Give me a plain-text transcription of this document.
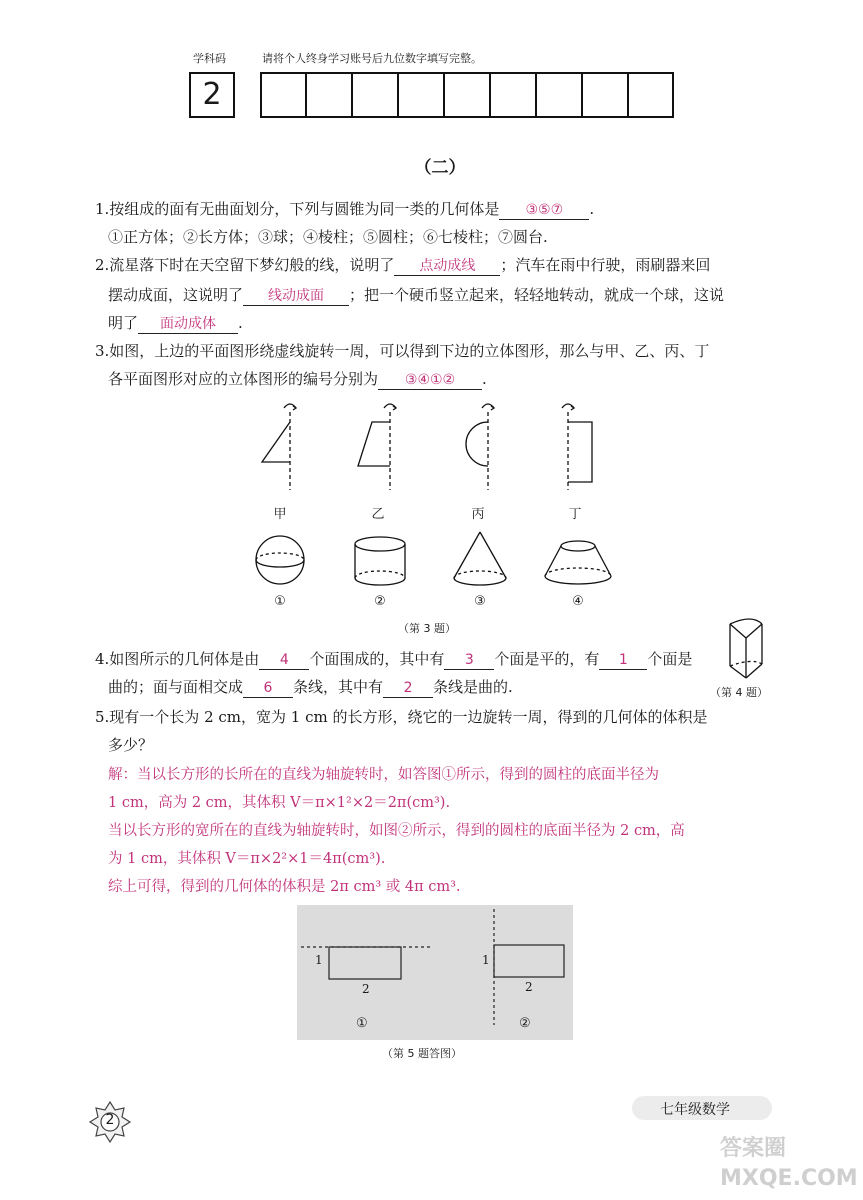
学科码	请将个人终身学习账号后九位数字填写完整。
2
（二）
1.按组成的面有无曲面划分，下列与圆锥为同一类的几何体是 ③⑤⑦ .
①正方体；②长方体；③球；④棱柱；⑤圆柱；⑥七棱柱；⑦圆台.
2.流星落下时在天空留下梦幻般的线，说明了 点动成线 ；汽车在雨中行驶，雨刷器来回
摆动成面，这说明了 线动成面 ；把一个硬币竖立起来，轻轻地转动，就成一个球，这说
明了 面动成体 .
3.如图，上边的平面图形绕虚线旋转一周，可以得到下边的立体图形，那么与甲、乙、丙、丁
各平面图形对应的立体图形的编号分别为 ③④①② .
甲	乙	丙	丁
①	②	③	④
（第 3 题）
4.如图所示的几何体是由 4 个面围成的，其中有 3 个面是平的，有 1 个面是
曲的；面与面相交成 6 条线，其中有 2 条线是曲的.	（第 4 题）
5.现有一个长为 2 cm，宽为 1 cm 的长方形，绕它的一边旋转一周，得到的几何体的体积是
多少？
解：当以长方形的长所在的直线为轴旋转时，如答图①所示，得到的圆柱的底面半径为
1 cm，高为 2 cm，其体积 V＝π×1²×2＝2π(cm³).
当以长方形的宽所在的直线为轴旋转时，如图②所示，得到的圆柱的底面半径为 2 cm，高
为 1 cm，其体积 V＝π×2²×1＝4π(cm³).
综上可得，得到的几何体的体积是 2π cm³ 或 4π cm³.
1
2
1
2
①	②
（第 5 题答图）
2
七年级数学
答案圈 MXQE.COM
